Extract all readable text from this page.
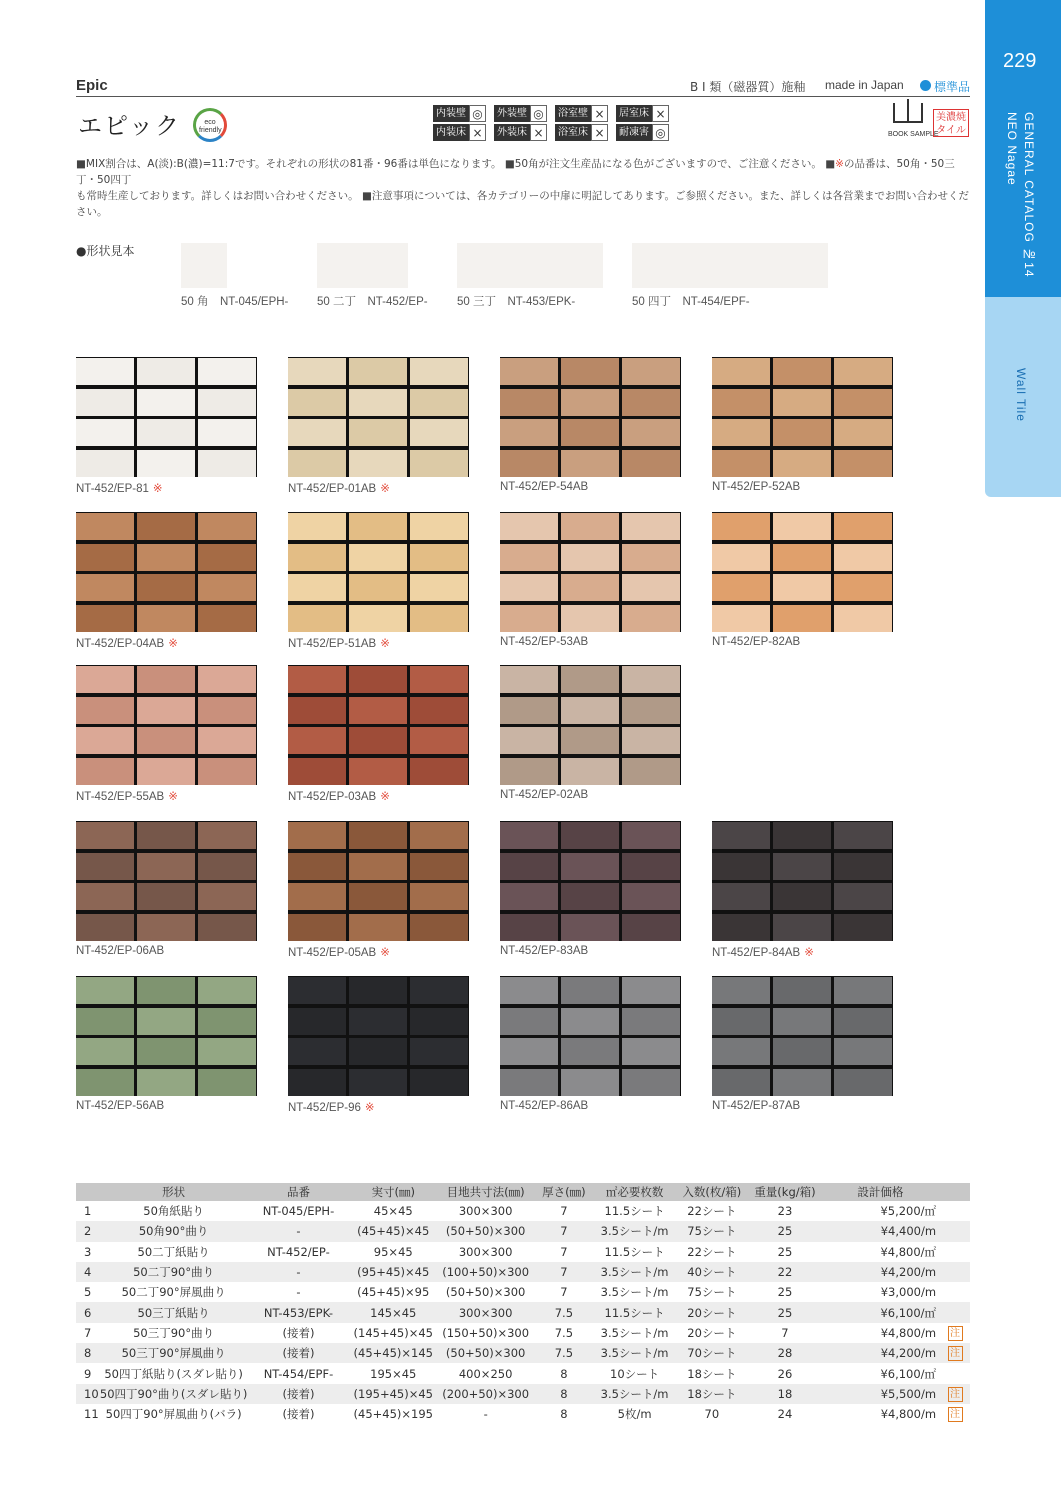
229
NEO Nagae GENERAL CATALOG №14
Wall Tile
Epic	B Ⅰ 類（磁器質）施釉 made in Japan	標準品
エピック	eco friendly
内装壁 ◎	外装壁 ◎	浴室壁 ×	居室床 ×
内装床 ×	外装床 ×	浴室床 ×	耐凍害 ◎	BOOK SAMPLE
美濃焼タイル
■MIX割合は、A(淡):B(濃)=11:7です。それぞれの形状の81番・96番は単色になります。 ■50角が注文生産品になる色がございますので、ご注意ください。 ■※の品番は、50角・50三丁・50四丁
も常時生産しております。詳しくはお問い合わせください。 ■注意事項については、各カテゴリーの中扉に明記してあります。ご参照ください。また、詳しくは各営業までお問い合わせください。
●形状見本
50 角　NT-045/EPH- 50 二丁　NT-452/EP-	50 三丁　NT-453/EPK-	50 四丁　NT-454/EPF-
NT-452/EP-81 ※	NT-452/EP-01AB ※	NT-452/EP-54AB	NT-452/EP-52AB
NT-452/EP-04AB ※	NT-452/EP-51AB ※	NT-452/EP-53AB	NT-452/EP-82AB
NT-452/EP-55AB ※	NT-452/EP-03AB ※	NT-452/EP-02AB
NT-452/EP-06AB	NT-452/EP-05AB ※	NT-452/EP-83AB	NT-452/EP-84AB ※
NT-452/EP-56AB	NT-452/EP-96 ※	NT-452/EP-86AB	NT-452/EP-87AB
	形状	品番	実寸(㎜)	目地共寸法(㎜)	厚さ(㎜)	㎡必要枚数	入数(枚/箱)	重量(kg/箱)	設計価格	
1	50角紙貼り	NT-045/EPH-	45×45	300×300	7	11.5シート	22シート	23	¥5,200/㎡	
2	50角90°曲り	-	(45+45)×45	(50+50)×300	7	3.5シート/m	75シート	25	¥4,400/m	
3	50二丁紙貼り	NT-452/EP-	95×45	300×300	7	11.5シート	22シート	25	¥4,800/㎡	
4	50二丁90°曲り	-	(95+45)×45	(100+50)×300	7	3.5シート/m	40シート	22	¥4,200/m	
5	50二丁90°屏風曲り	-	(45+45)×95	(50+50)×300	7	3.5シート/m	75シート	25	¥3,000/m	
6	50三丁紙貼り	NT-453/EPK-	145×45	300×300	7.5	11.5シート	20シート	25	¥6,100/㎡	
7	50三丁90°曲り	(接着)	(145+45)×45	(150+50)×300	7.5	3.5シート/m	20シート	7	¥4,800/m	注
8	50三丁90°屏風曲り	(接着)	(45+45)×145	(50+50)×300	7.5	3.5シート/m	70シート	28	¥4,200/m	注
9	50四丁紙貼り(スダレ貼り)	NT-454/EPF-	195×45	400×250	8	10シート	18シート	26	¥6,100/㎡	
10	50四丁90°曲り(スダレ貼り)	(接着)	(195+45)×45	(200+50)×300	8	3.5シート/m	18シート	18	¥5,500/m	注
11	50四丁90°屏風曲り(バラ)	(接着)	(45+45)×195	-	8	5枚/m	70	24	¥4,800/m	注
